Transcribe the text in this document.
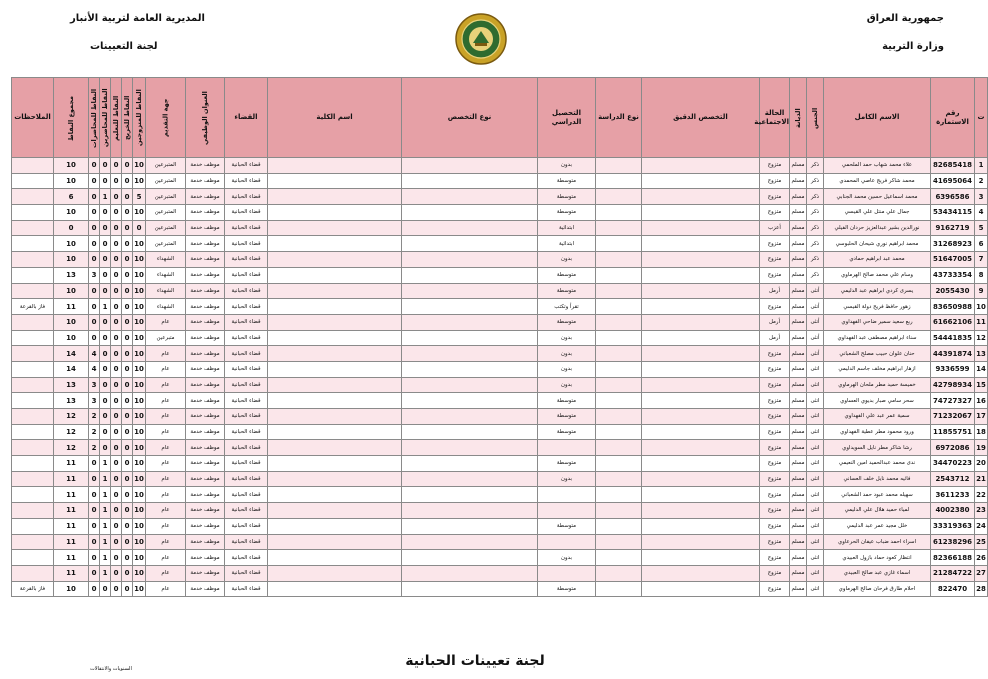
جمهورية العراق
وزارة التربية
المديرية العامة لتربية الأنبار
لجنة التعيينات
ت	رقم الاستمارة	الاسم الكامل	الجنس	الديانة	الحالة الاجتماعية	التخصص الدقيق	نوع الدراسة	التحصيل الدراسي	نوع التخصص	اسم الكلية	القضاء	العنوان الوظيفي	جهة التقديم	النقاط للمتزوجين	النقاط للخريج	النقاط للتعليم	النقاط للمحاضرين	النقاط للمحاضرات	مجموع النقاط	الملاحظات
1	82685418	علاء محمد شهاب حمد الملحمي	ذكر	مسلم	متزوج			بدون			قضاء الحبانية	موظف خدمة	المتبرعين	10	0	0	0	0	10	
2	41695064	محمد شاكر فريج عاصي المحمدي	ذكر	مسلم	متزوج			متوسطة			قضاء الحبانية	موظف خدمة	المتبرعين	10	0	0	0	0	10	
3	6396586	محمد اسماعيل حسين محمد الجنابي	ذكر	مسلم	متزوج			متوسطة			قضاء الحبانية	موظف خدمة	المتبرعين	5	0	0	1	0	6	
4	53434115	جمال علي منتل علي القيسي	ذكر	مسلم	متزوج			متوسطة			قضاء الحبانية	موظف خدمة	المتبرعين	10	0	0	0	0	10	
5	9162719	نورالدين بشير عبدالعزيز حردان الفيلي	ذكر	مسلم	أعزب			ابتدائية			قضاء الحبانية	موظف خدمة	المتبرعين	0	0	0	0	0	0	
6	31268923	محمد ابراهيم نوري شيحان الحلبوسي	ذكر	مسلم	متزوج			ابتدائية			قضاء الحبانية	موظف خدمة	المتبرعين	10	0	0	0	0	10	
7	51647005	محمد عبد ابراهيم حمادي	ذكر	مسلم	متزوج			بدون			قضاء الحبانية	موظف خدمة	الشهداء	10	0	0	0	0	10	
8	43733354	وسام علي محمد صالح الهرماوي	ذكر	مسلم	متزوج			متوسطة			قضاء الحبانية	موظف خدمة	الشهداء	10	0	0	0	3	13	
9	2055430	يسرى كردي ابراهيم عبد الدليمي	أنثى	مسلم	أرمل			متوسطة			قضاء الحبانية	موظف خدمة	الشهداء	10	0	0	0	0	10	
10	83650988	زهور حافظ فريح دولة القيسي	أنثى	مسلم	متزوج			تقرأ وتكتب			قضاء الحبانية	موظف خدمة	الشهداء	10	0	0	1	0	11	فاز بالقرعة
11	61662106	ربع سعيد سمير ضاحي الفهداوي	أنثى	مسلم	أرمل			متوسطة			قضاء الحبانية	موظف خدمة	عام	10	0	0	0	0	10	
12	54441835	سناء ابراهيم مصطفى عبد الفهداوي	أنثى	مسلم	أرمل			بدون			قضاء الحبانية	موظف خدمة	متبرعين	10	0	0	0	0	10	
13	44391874	حنان علوان حبيب مصلح الشعباني	أنثى	مسلم	متزوج			بدون			قضاء الحبانية	موظف خدمة	عام	10	0	0	0	4	14	
14	9336599	ازهار ابراهيم مخلف جاسم الدليمي	انثى	مسلم	متزوج			بدون			قضاء الحبانية	موظف خدمة	عام	10	0	0	0	4	14	
15	42798934	خميسة حميد مطر ملحان الهرماوي	انثى	مسلم	متزوج			بدون			قضاء الحبانية	موظف خدمة	عام	10	0	0	0	3	13	
16	74727327	سحر سامي صبار بديوي العساوي	انثى	مسلم	متزوج			متوسطة			قضاء الحبانية	موظف خدمة	عام	10	0	0	0	3	13	
17	71232067	سمية عمر عبد علي الفهداوي	انثى	مسلم	متزوج			متوسطة			قضاء الحبانية	موظف خدمة	عام	10	0	0	0	2	12	
18	11855751	ورود محمود مطر عطية الفهداوي	انثى	مسلم	متزوج			متوسطة			قضاء الحبانية	موظف خدمة	عام	10	0	0	0	2	12	
19	6972086	رشا شاكر مطر نايل السويداوي	انثى	مسلم	متزوج						قضاء الحبانية	موظف خدمة	عام	10	0	0	0	2	12	
20	34470223	ندى محمد عبدالحميد امين النعيمي	انثى	مسلم	متزوج			متوسطة			قضاء الحبانية	موظف خدمة	عام	10	0	0	1	0	11	
21	2543712	فائيه محمد نايل خلف العساني	انثى	مسلم	متزوج			بدون			قضاء الحبانية	موظف خدمة	عام	10	0	0	1	0	11	
22	3611233	سهيله محمد عبود حمد الشعباني	انثى	مسلم	متزوج						قضاء الحبانية	موظف خدمة	عام	10	0	0	1	0	11	
23	4002380	لمياء حميد هلال علي الدليمي	انثى	مسلم	متزوج						قضاء الحبانية	موظف خدمة	عام	10	0	0	1	0	11	
24	33319363	خلل مجيد عمر عبد الدليمي	انثى	مسلم	متزوج			متوسطة			قضاء الحبانية	موظف خدمة	عام	10	0	0	1	0	11	
25	61238296	اسراء احمد ضباب عيفان الحرعاوي	انثى	مسلم	متزوج						قضاء الحبانية	موظف خدمة	عام	10	0	0	1	0	11	
26	82366188	انتظار كعود حماد بازول العبيدي	انثى	مسلم	متزوج			بدون			قضاء الحبانية	موظف خدمة	عام	10	0	0	1	0	11	
27	21284722	اسماء غازي عبد صالح العبيدي	انثى	مسلم	متزوج						قضاء الحبانية	موظف خدمة	عام	10	0	0	1	0	11	
28	822470	احلام طارق فرحان صالح الهرماوي	انثى	مسلم	متزوج			متوسطة			قضاء الحبانية	موظف خدمة	عام	10	0	0	0	0	10	فاز بالقرعة
لجنة تعيينات الحبانية
السنويات والانتقالات
